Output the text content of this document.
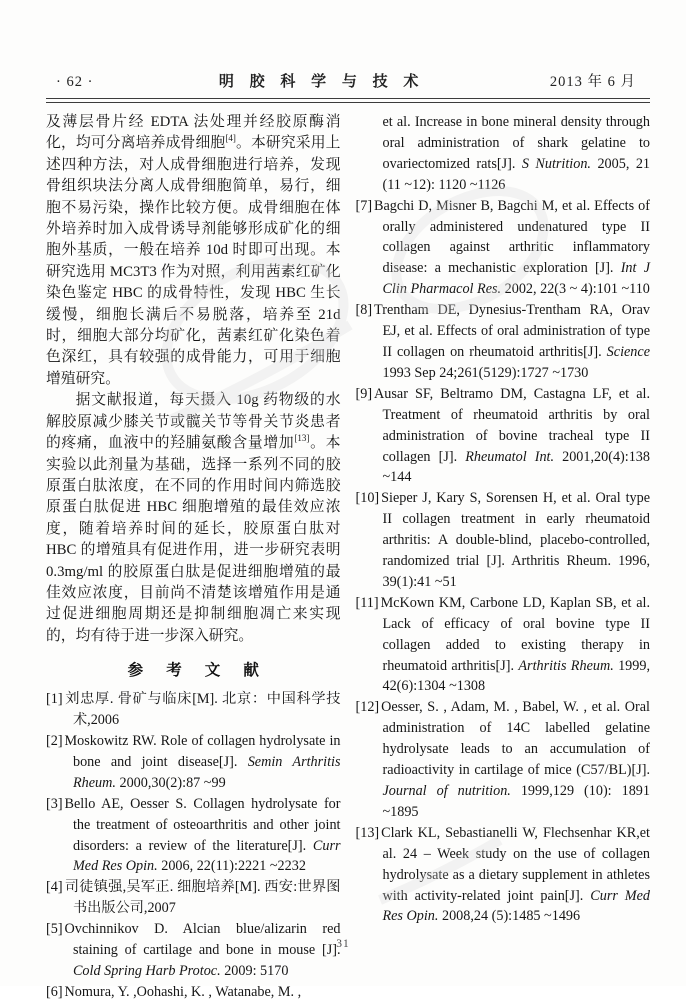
· 62 ·	明 胶 科 学 与 技 术	2013 年 6 月

及薄层骨片经 EDTA 法处理并经胶原酶消化，均可分离培养成骨细胞[4]。本研究采用上述四种方法，对人成骨细胞进行培养，发现骨组织块法分离人成骨细胞简单，易行，细胞不易污染，操作比较方便。成骨细胞在体外培养时加入成骨诱导剂能够形成矿化的细胞外基质，一般在培养 10d 时即可出现。本研究选用 MC3T3 作为对照，利用茜素红矿化染色鉴定 HBC 的成骨特性，发现 HBC 生长缓慢，细胞长满后不易脱落，培养至 21d 时，细胞大部分均矿化，茜素红矿化染色着色深红，具有较强的成骨能力，可用于细胞增殖研究。

据文献报道，每天摄入 10g 药物级的水解胶原减少膝关节或髋关节等骨关节炎患者的疼痛，血液中的羟脯氨酸含量增加[13]。本实验以此剂量为基础，选择一系列不同的胶原蛋白肽浓度，在不同的作用时间内筛选胶原蛋白肽促进 HBC 细胞增殖的最佳效应浓度，随着培养时间的延长，胶原蛋白肽对 HBC 的增殖具有促进作用，进一步研究表明 0.3mg/ml 的胶原蛋白肽是促进细胞增殖的最佳效应浓度，目前尚不清楚该增殖作用是通过促进细胞周期还是抑制细胞凋亡来实现的，均有待于进一步深入研究。

参 考 文 献
[1] 刘忠厚. 骨矿与临床[M]. 北京：中国科学技术,2006
[2] Moskowitz RW. Role of collagen hydrolysate in bone and joint disease[J]. Semin Arthritis Rheum. 2000,30(2):87 ~99
[3] Bello AE, Oesser S. Collagen hydrolysate for the treatment of osteoarthritis and other joint disorders: a review of the literature[J]. Curr Med Res Opin. 2006, 22(11):2221 ~2232
[4] 司徒镇强,吴军正. 细胞培养[M]. 西安:世界图书出版公司,2007
[5] Ovchinnikov D. Alcian blue/alizarin red staining of cartilage and bone in mouse [J]. Cold Spring Harb Protoc. 2009: 5170
[6] Nomura, Y. ,Oohashi, K. , Watanabe, M. ,
et al. Increase in bone mineral density through oral administration of shark gelatine to ovariectomized rats[J]. S Nutrition. 2005, 21 (11 ~12): 1120 ~1126
[7] Bagchi D, Misner B, Bagchi M, et al. Effects of orally administered undenatured type II collagen against arthritic inflammatory disease: a mechanistic exploration [J]. Int J Clin Pharmacol Res. 2002, 22(3 ~ 4):101 ~110
[8] Trentham DE, Dynesius-Trentham RA, Orav EJ, et al. Effects of oral administration of type II collagen on rheumatoid arthritis[J]. Science 1993 Sep 24;261(5129):1727 ~1730
[9] Ausar SF, Beltramo DM, Castagna LF, et al. Treatment of rheumatoid arthritis by oral administration of bovine tracheal type II collagen [J]. Rheumatol Int. 2001,20(4):138 ~144
[10] Sieper J, Kary S, Sorensen H, et al. Oral type II collagen treatment in early rheumatoid arthritis: A double-blind, placebo-controlled, randomized trial [J]. Arthritis Rheum. 1996, 39(1):41 ~51
[11] McKown KM, Carbone LD, Kaplan SB, et al. Lack of efficacy of oral bovine type II collagen added to existing therapy in rheumatoid arthritis[J]. Arthritis Rheum. 1999, 42(6):1304 ~1308
[12] Oesser, S. , Adam, M. , Babel, W. , et al. Oral administration of 14C labelled gelatine hydrolysate leads to an accumulation of radioactivity in cartilage of mice (C57/BL)[J]. Journal of nutrition. 1999,129 (10): 1891 ~1895
[13] Clark KL, Sebastianelli W, Flechsenhar KR,et al. 24 – Week study on the use of collagen hydrolysate as a dietary supplement in athletes with activity-related joint pain[J]. Curr Med Res Opin. 2008,24 (5):1485 ~1496
31
